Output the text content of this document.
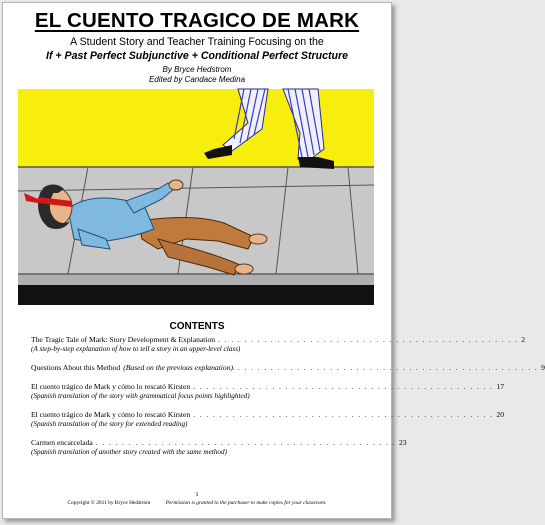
EL CUENTO TRAGICO DE MARK
A Student Story and Teacher Training Focusing on the
If + Past Perfect Subjunctive + Conditional Perfect Structure
By Bryce Hedstrom
Edited by Candace Medina
CONTENTS
The Tragic Tale of Mark: Story Development & Explanation . . . . . . . . . . . . . . . . . . . . . . . . . . . . . . . . . . . . . . . . . . . . . . 2
(A step-by-step explanation of how to tell a story in an upper-level class)
Questions About this Method (Based on the previous explanation). . . . . . . . . . . . . . . . . . . . . . . . . . . . . . . . . . . . . . . . . . . . . . . 9
El cuento trágico de Mark y cómo lo rescató Kirsten . . . . . . . . . . . . . . . . . . . . . . . . . . . . . . . . . . . . . . . . . . . . . . 17
(Spanish translation of the story with grammatical focus points highlighted)
El cuento trágico de Mark y cómo lo rescató Kirsten . . . . . . . . . . . . . . . . . . . . . . . . . . . . . . . . . . . . . . . . . . . . . . 20
(Spanish translation of the story for extended reading)
Carmen encarcelada . . . . . . . . . . . . . . . . . . . . . . . . . . . . . . . . . . . . . . . . . . . . . . 23
(Spanish translation of another story created with the same method)
1
Copyright © 2011 by Bryce Hedstrom	Permission is granted to the purchaser to make copies for your classroom.
